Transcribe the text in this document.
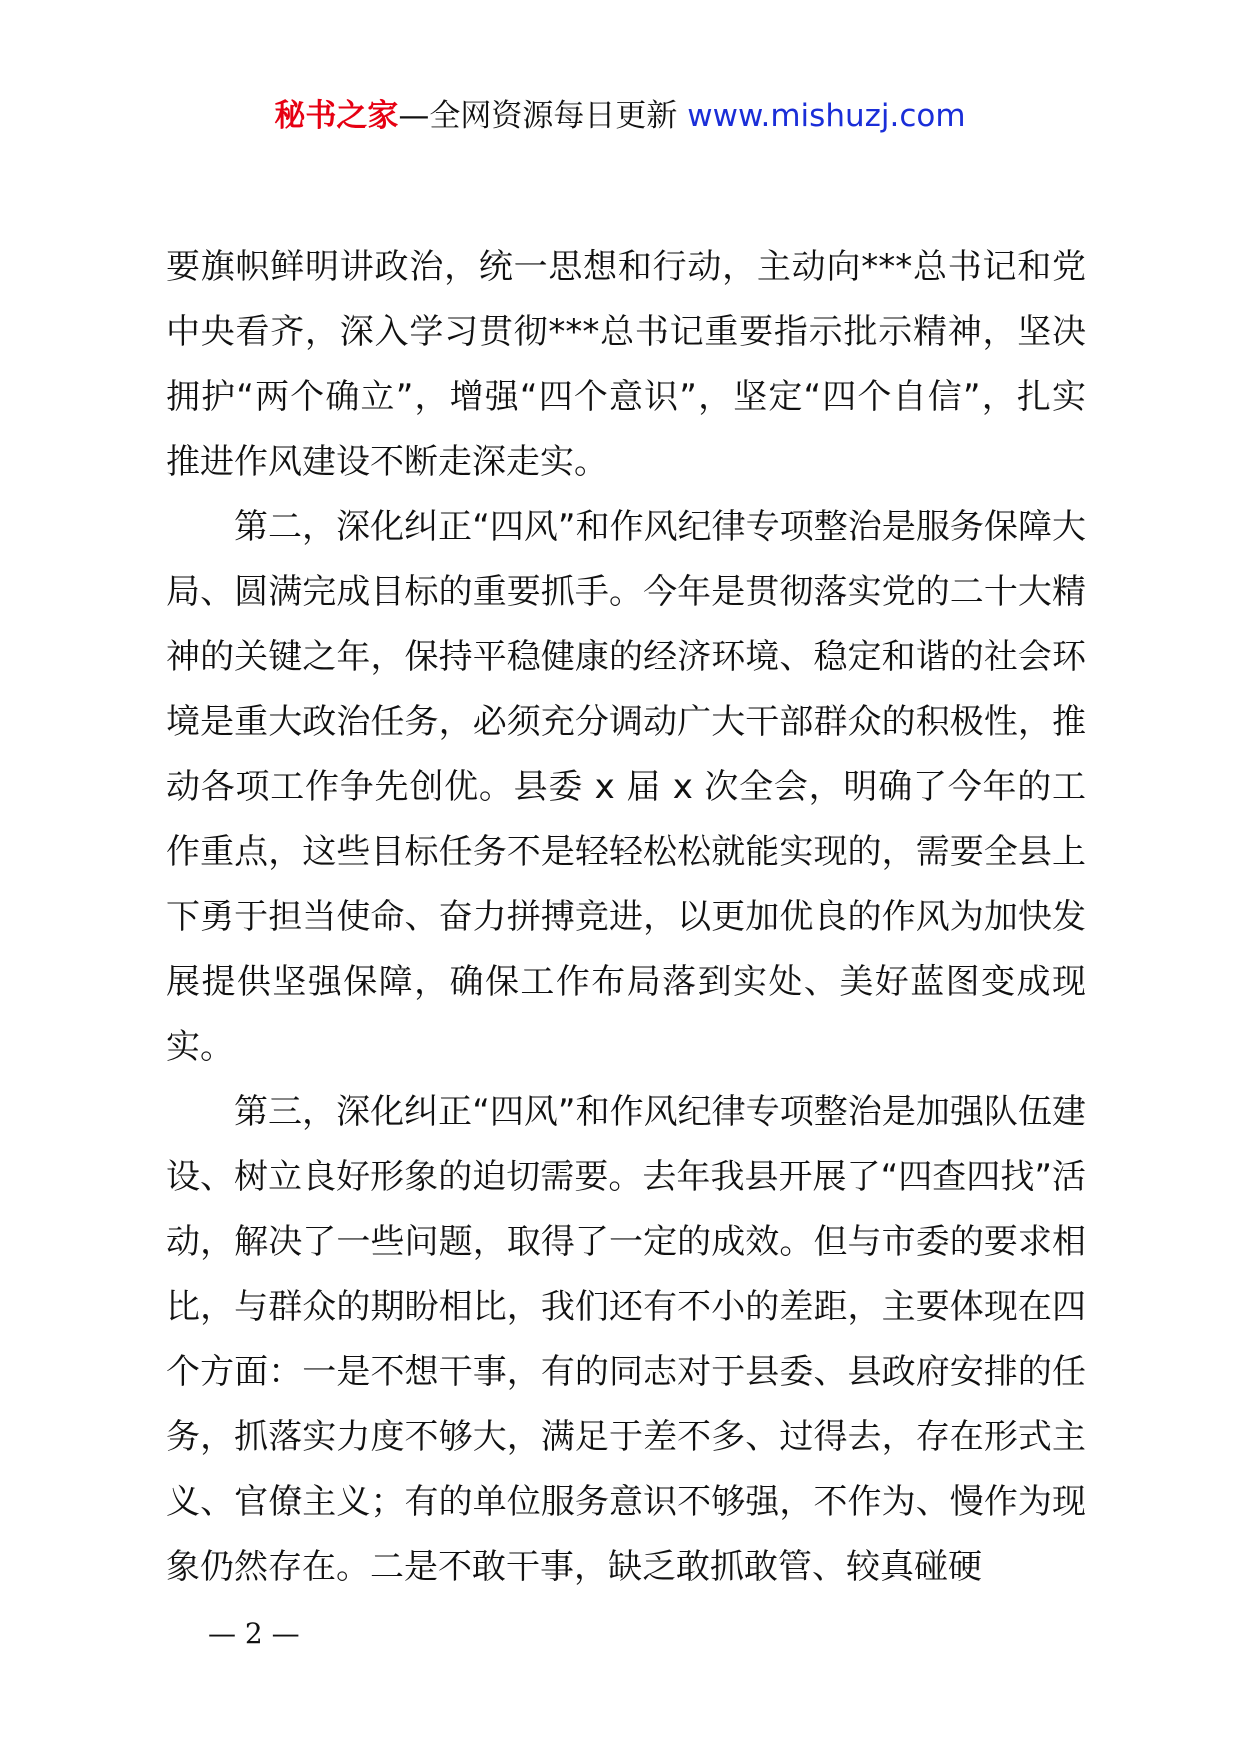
秘书之家—全网资源每日更新 www.mishuzj.com

要旗帜鲜明讲政治，统一思想和行动，主动向***总书记和党中央看齐，深入学习贯彻***总书记重要指示批示精神，坚决拥护“两个确立”，增强“四个意识”，坚定“四个自信”，扎实推进作风建设不断走深走实。

第二，深化纠正“四风”和作风纪律专项整治是服务保障大局、圆满完成目标的重要抓手。今年是贯彻落实党的二十大精神的关键之年，保持平稳健康的经济环境、稳定和谐的社会环境是重大政治任务，必须充分调动广大干部群众的积极性，推动各项工作争先创优。县委 x 届 x 次全会，明确了今年的工作重点，这些目标任务不是轻轻松松就能实现的，需要全县上下勇于担当使命、奋力拼搏竞进，以更加优良的作风为加快发展提供坚强保障，确保工作布局落到实处、美好蓝图变成现实。

第三，深化纠正“四风”和作风纪律专项整治是加强队伍建设、树立良好形象的迫切需要。去年我县开展了“四查四找”活动，解决了一些问题，取得了一定的成效。但与市委的要求相比，与群众的期盼相比，我们还有不小的差距，主要体现在四个方面：一是不想干事，有的同志对于县委、县政府安排的任务，抓落实力度不够大，满足于差不多、过得去，存在形式主义、官僚主义；有的单位服务意识不够强，不作为、慢作为现象仍然存在。二是不敢干事，缺乏敢抓敢管、较真碰硬

— 2 —
